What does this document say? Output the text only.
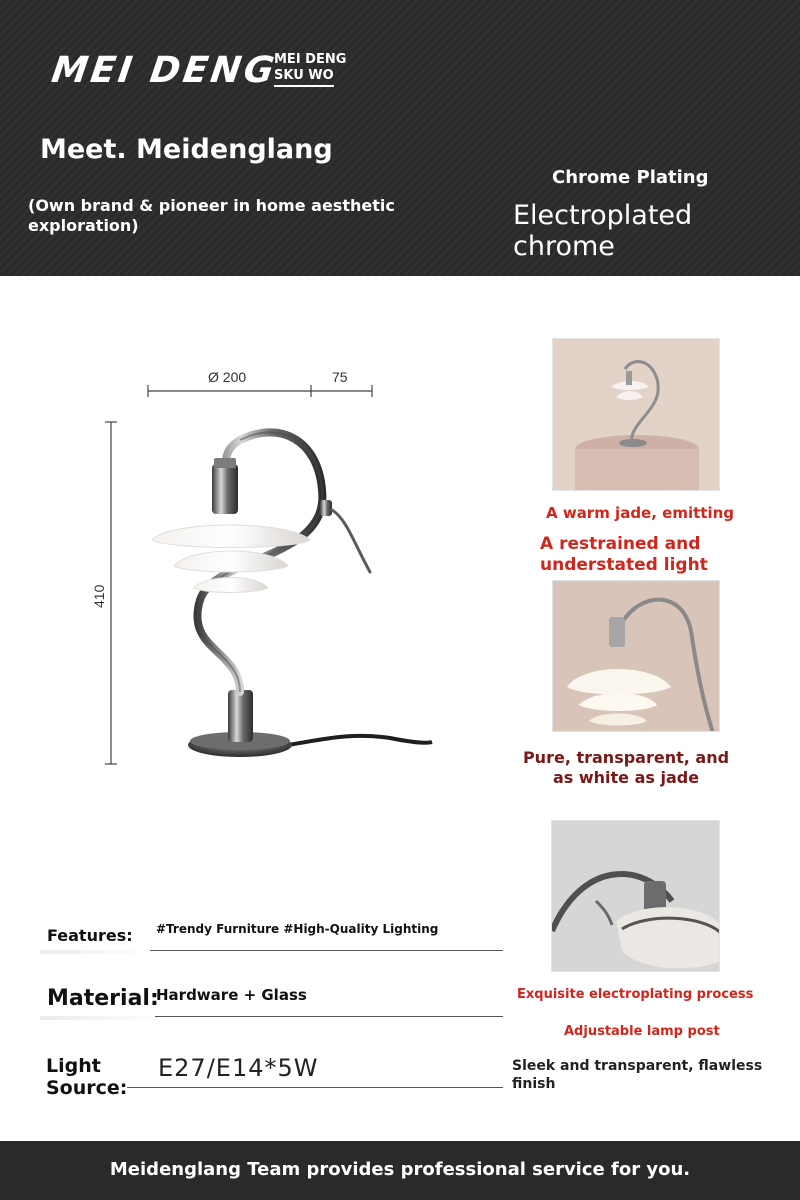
MEI DENG
MEI DENG
SKU WO
Meet. Meidenglang
(Own brand & pioneer in home aesthetic exploration)
Chrome Plating
Electroplated chrome
Ø 200	75
410
A warm jade, emitting
A restrained and understated light
Pure, transparent, and as white as jade
Exquisite electroplating process
Adjustable lamp post
Sleek and transparent, flawless finish
Features: #Trendy Furniture #High-Quality Lighting
Material:
Hardware + Glass
Light Source:
E27/E14*5W
Meidenglang Team provides professional service for you.
